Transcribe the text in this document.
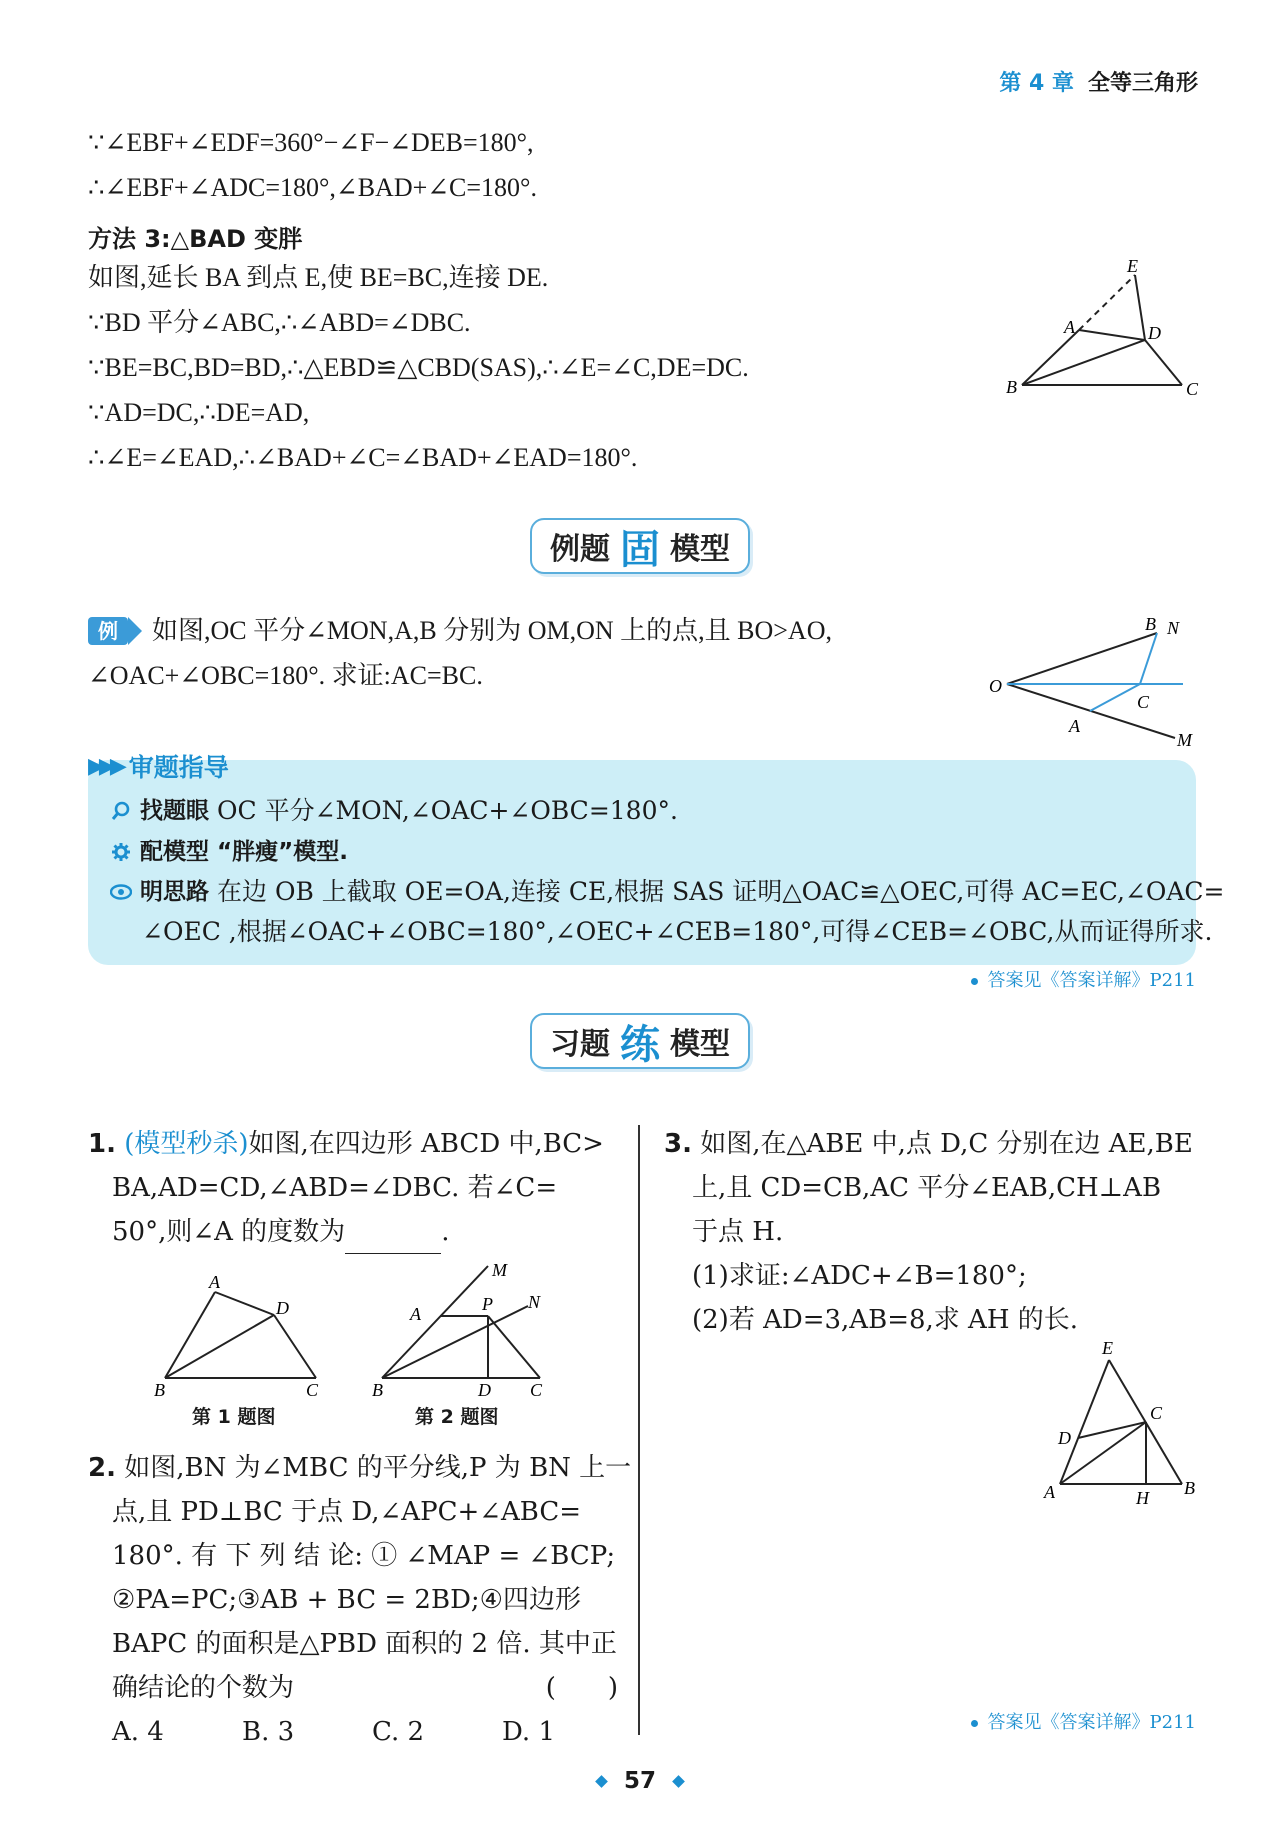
第 4 章 全等三角形
∵∠EBF+∠EDF=360°−∠F−∠DEB=180°,
∴∠EBF+∠ADC=180°,∠BAD+∠C=180°.
方法 3:△BAD 变胖
如图,延长 BA 到点 E,使 BE=BC,连接 DE.
∵BD 平分∠ABC,∴∠ABD=∠DBC.
∵BE=BC,BD=BD,∴△EBD≌△CBD(SAS),∴∠E=∠C,DE=DC.
∵AD=DC,∴DE=AD,
∴∠E=∠EAD,∴∠BAD+∠C=∠BAD+∠EAD=180°.
E
A	D
B	C
例题 固 模型
例	如图,OC 平分∠MON,A,B 分别为 OM,ON 上的点,且 BO>AO,
∠OAC+∠OBC=180°. 求证:AC=BC.	O
B N
C
A
M
▶▶▶ 审题指导
找题眼 OC 平分∠MON,∠OAC+∠OBC=180°.
配模型 “胖瘦”模型.
明思路 在边 OB 上截取 OE=OA,连接 CE,根据 SAS 证明△OAC≌△OEC,可得 AC=EC,∠OAC=
∠OEC ,根据∠OAC+∠OBC=180°,∠OEC+∠CEB=180°,可得∠CEB=∠OBC,从而证得所求.
答案见《答案详解》P211
习题 练 模型
1. (模型秒杀)如图,在四边形 ABCD 中,BC>
BA,AD=CD,∠ABD=∠DBC. 若∠C=
50°,则∠A 的度数为	.
A
D
B	C
第 1 题图
M
A	P N
B	D C
第 2 题图
2. 如图,BN 为∠MBC 的平分线,P 为 BN 上一
点,且 PD⊥BC 于点 D,∠APC+∠ABC=
180°. 有 下 列 结 论: ① ∠MAP = ∠BCP;
②PA=PC;③AB + BC = 2BD;④四边形
BAPC 的面积是△PBD 面积的 2 倍. 其中正
确结论的个数为	(　　)
A. 4	B. 3	C. 2	D. 1
3. 如图,在△ABE 中,点 D,C 分别在边 AE,BE
上,且 CD=CB,AC 平分∠EAB,CH⊥AB
于点 H.
(1)求证:∠ADC+∠B=180°;
(2)若 AD=3,AB=8,求 AH 的长.
E
C
D
A	H B
答案见《答案详解》P211
57
